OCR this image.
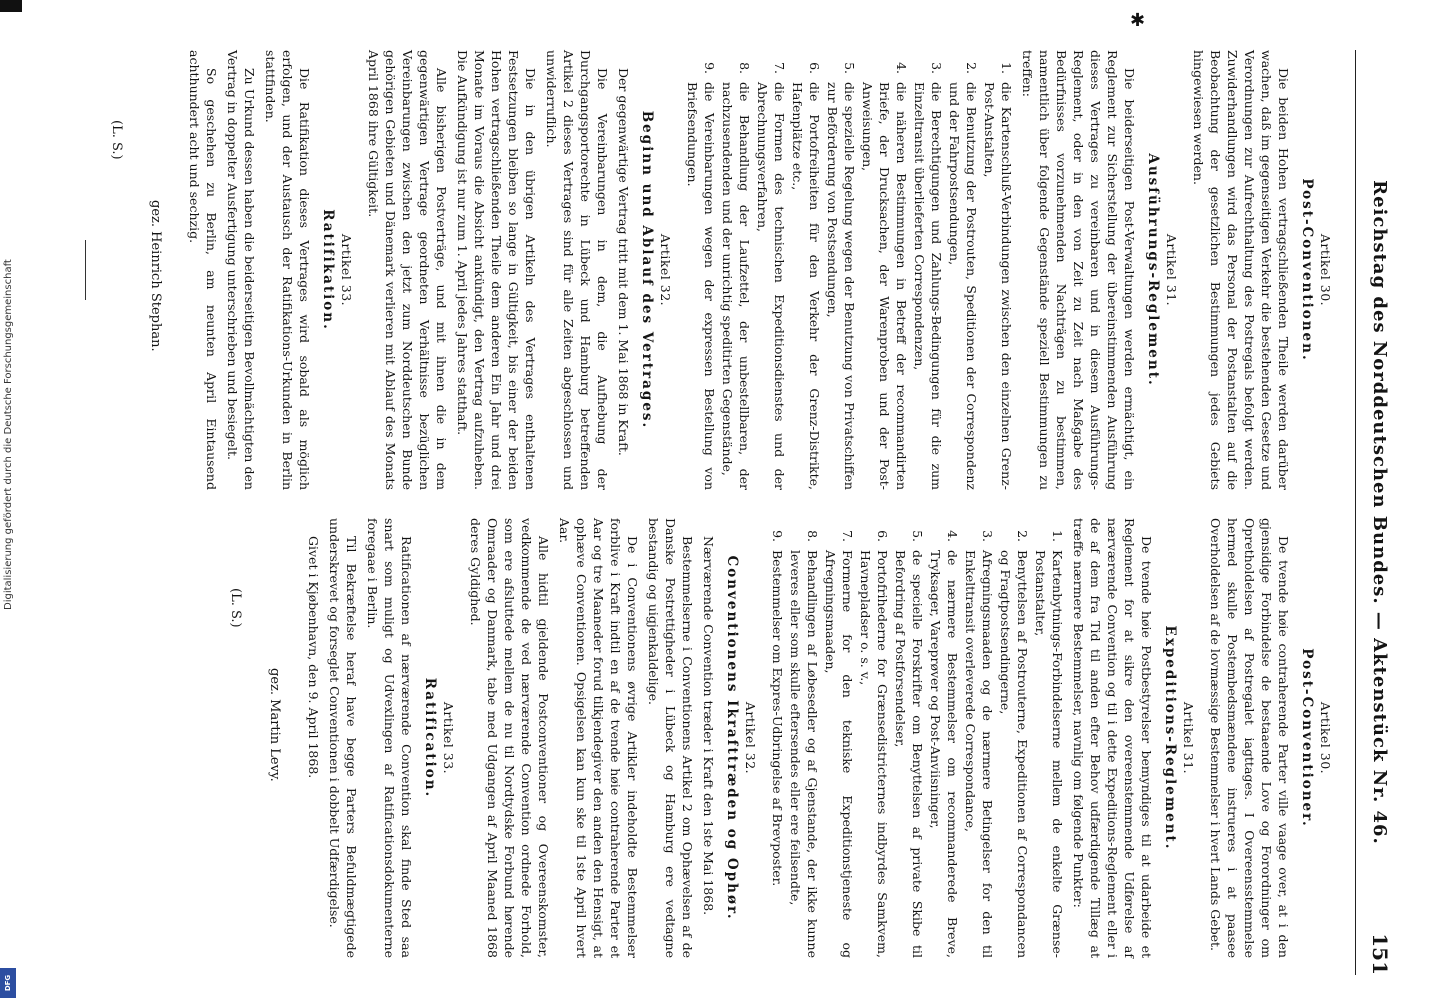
✱
Reichstag des Norddeutschen Bundes. — Aktenstück Nr. 46.
151
Artikel 30.
Post-Conventionen.

Die beiden Hohen vertragschließenden Theile werden darüber wachen, daß im gegenseitigen Verkehr die bestehenden Gesetze und Verordnungen zur Aufrechthaltung des Postregals befolgt werden. Zuwiderhandlungen wird das Personal der Postanstalten auf die Beobachtung der gesetzlichen Bestimmungen jedes Gebiets hingewiesen werden.

Artikel 31.
Ausführungs-Reglement.

Die beiderseitigen Post-Verwaltungen werden ermächtigt, ein Reglement zur Sicherstellung der übereinstimmenden Ausführung dieses Vertrages zu vereinbaren und in diesem Ausführungs-Reglement, oder in den von Zeit zu Zeit nach Maßgabe des Bedürfnisses vorzunehmenden Nachträgen zu bestimmen, namentlich über folgende Gegenstände speziell Bestimmungen zu treffen:

1. die Kartenschluß-Verbindungen zwischen den einzelnen Grenz-Post-Anstalten,
2. die Benutzung der Postrouten, Speditionen der Correspondenz und der Fahrpostsendungen,
3. die Berechtigungen und Zahlungs-Bedingungen für die zum Einzeltransit überlieferten Correspondenzen,
4. die näheren Bestimmungen in Betreff der recommandirten Briefe, der Drucksachen, der Warenproben und der Post-Anweisungen,
5. die spezielle Regelung wegen der Benutzung von Privatschiffen zur Beförderung von Postsendungen,
6. die Portofreiheiten für den Verkehr der Grenz-Distrikte, Hafenplätze etc.,
7. die Formen des technischen Expeditionsdienstes und der Abrechnungsverfahren,
8. die Behandlung der Laufzettel, der unbestellbaren, der nachzusendenden und der unrichtig speditirten Gegenstände,
9. die Vereinbarungen wegen der expressen Bestellung von Briefsendungen.
Artikel 32.
Beginn und Ablauf des Vertrages.

Der gegenwärtige Vertrag tritt mit dem 1. Mai 1868 in Kraft.

Die Vereinbarungen in dem, die Aufhebung der Durchgangsportorechte in Lübeck und Hamburg betreffenden Artikel 2 dieses Vertrages sind für alle Zeiten abgeschlossen und unwiderruflich.

Die in den übrigen Artikeln des Vertrages enthaltenen Festsetzungen bleiben so lange in Gültigkeit, bis einer der beiden Hohen vertragschließenden Theile dem anderen Ein Jahr und drei Monate im Voraus die Absicht ankündigt, den Vertrag aufzuheben. Die Aufkündigung ist nur zum 1. April jedes Jahres statthaft.

Alle bisherigen Postverträge, und mit ihnen die in dem gegenwärtigen Vertrage geordneten Verhältnisse bezüglichen Vereinbarungen zwischen den jetzt zum Norddeutschen Bunde gehörigen Gebieten und Dänemark verlieren mit Ablauf des Monats April 1868 ihre Gültigkeit.

Artikel 33.
Ratifikation.

Die Ratifikation dieses Vertrages wird sobald als möglich erfolgen, und der Austausch der Ratifikations-Urkunden in Berlin stattfinden.

Zu Urkund dessen haben die beiderseitigen Bevollmächtigten den Vertrag in doppelter Ausfertigung unterschrieben und besiegelt.

So geschehen zu Berlin, am neunten April Eintausend achthundert acht und sechzig.

gez. Heinrich Stephan.
(L. S.)
Artikel 30.
Post-Conventioner.

De tvende høie contraherende Parter ville vaage over, at i den gjensidige Forbindelse de bestaaende Love og Forordninger om Opretholdelsen af Postregalet iagttages. I Overeensstemmelse hermed skulle Postembedsmændene instrueres i at paasee Overholdelsen af de lovmæssige Bestemmelser i hvert Lands Gebet.

Artikel 31.
Expeditions-Reglement.

De tvende høie Postbestyrelser bemyndiges til at udarbeide et Reglement for at sikre den overeenstemmende Udførelse af nærværende Convention og til i dette Expeditions-Reglement eller i de af dem fra Tid til anden efter Behov udfærdigende Tillæg at træffe nærmere Bestemmelser, navnlig om følgende Punkter:

1. Kartenbytnings-Forbindelserne mellem de enkelte Grænse-Postanstalter,
2. Benyttelsen af Postrouterne, Expeditionen af Correspondancen og Fragtpostsendingerne,
3. Afregningsmaaden og de nærmere Betingelser for den til Enkelttransit overleverede Correspondance,
4. de nærmere Bestemmelser om recommanderede Breve, Tryksager, Vareprøver og Post-Anviisninger,
5. de specielle Forskrifter om Benyttelsen af private Skibe til Befordring af Postforsendelser,
6. Portofrihederne for Grænsedistricternes indbyrdes Samkvem, Havnepladser o. s. v.,
7. Formerne for den tekniske Expeditionstjeneste og Afregningsmaaden,
8. Behandlingen af Løbesedler og af Gjenstande, der ikke kunne leveres eller som skulle eftersendes eller ere feilsendte,
9. Bestemmelser om Expres-Udbringelse af Brevposter.
Artikel 32.
Conventionens Ikrafttræden og Ophør.

Nærværende Convention træder i Kraft den 1ste Mai 1868.

Bestemmelserne i Conventionens Artikel 2 om Ophævelsen af de Danske Postrettigheder i Lübeck og Hamburg ere vedtagne bestandig og uigjenkaldelige.

De i Conventionens øvrige Artikler indeholdte Bestemmelser forblive i Kraft indtil en af de tvende høie contraherende Parter et Aar og tre Maaneder forud tilkjendegiver den anden den Hensigt, at ophæve Conventionen. Opsigelsen kan kun ske til 1ste April hvert Aar.

Alle hidtil gjeldende Postconventioner og Overeenskomster, vedkommende de ved nærværende Convention ordnede Forhold, som ere afsluttede mellem de nu til Nordtydske Forbund hørende Omraader og Danmark, tabe med Udgangen af April Maaned 1868 deres Gyldighed.

Artikel 33.
Ratification.

Ratificationen af nærværende Convention skal finde Sted saa snart som muligt og Udvexlingen af Ratificationsdokumenterne foregaae i Berlin.

Til Bekræftelse heraf have begge Parters Befuldmægtigede underskrevet og forseglet Conventionen i dobbelt Udfærdigelse.

Givet i Kjøbenhavn, den 9. April 1868.

gez. Martin Levy.
(L. S.)
Digitalisierung gefördert durch die Deutsche Forschungsgemeinschaft
DFG
